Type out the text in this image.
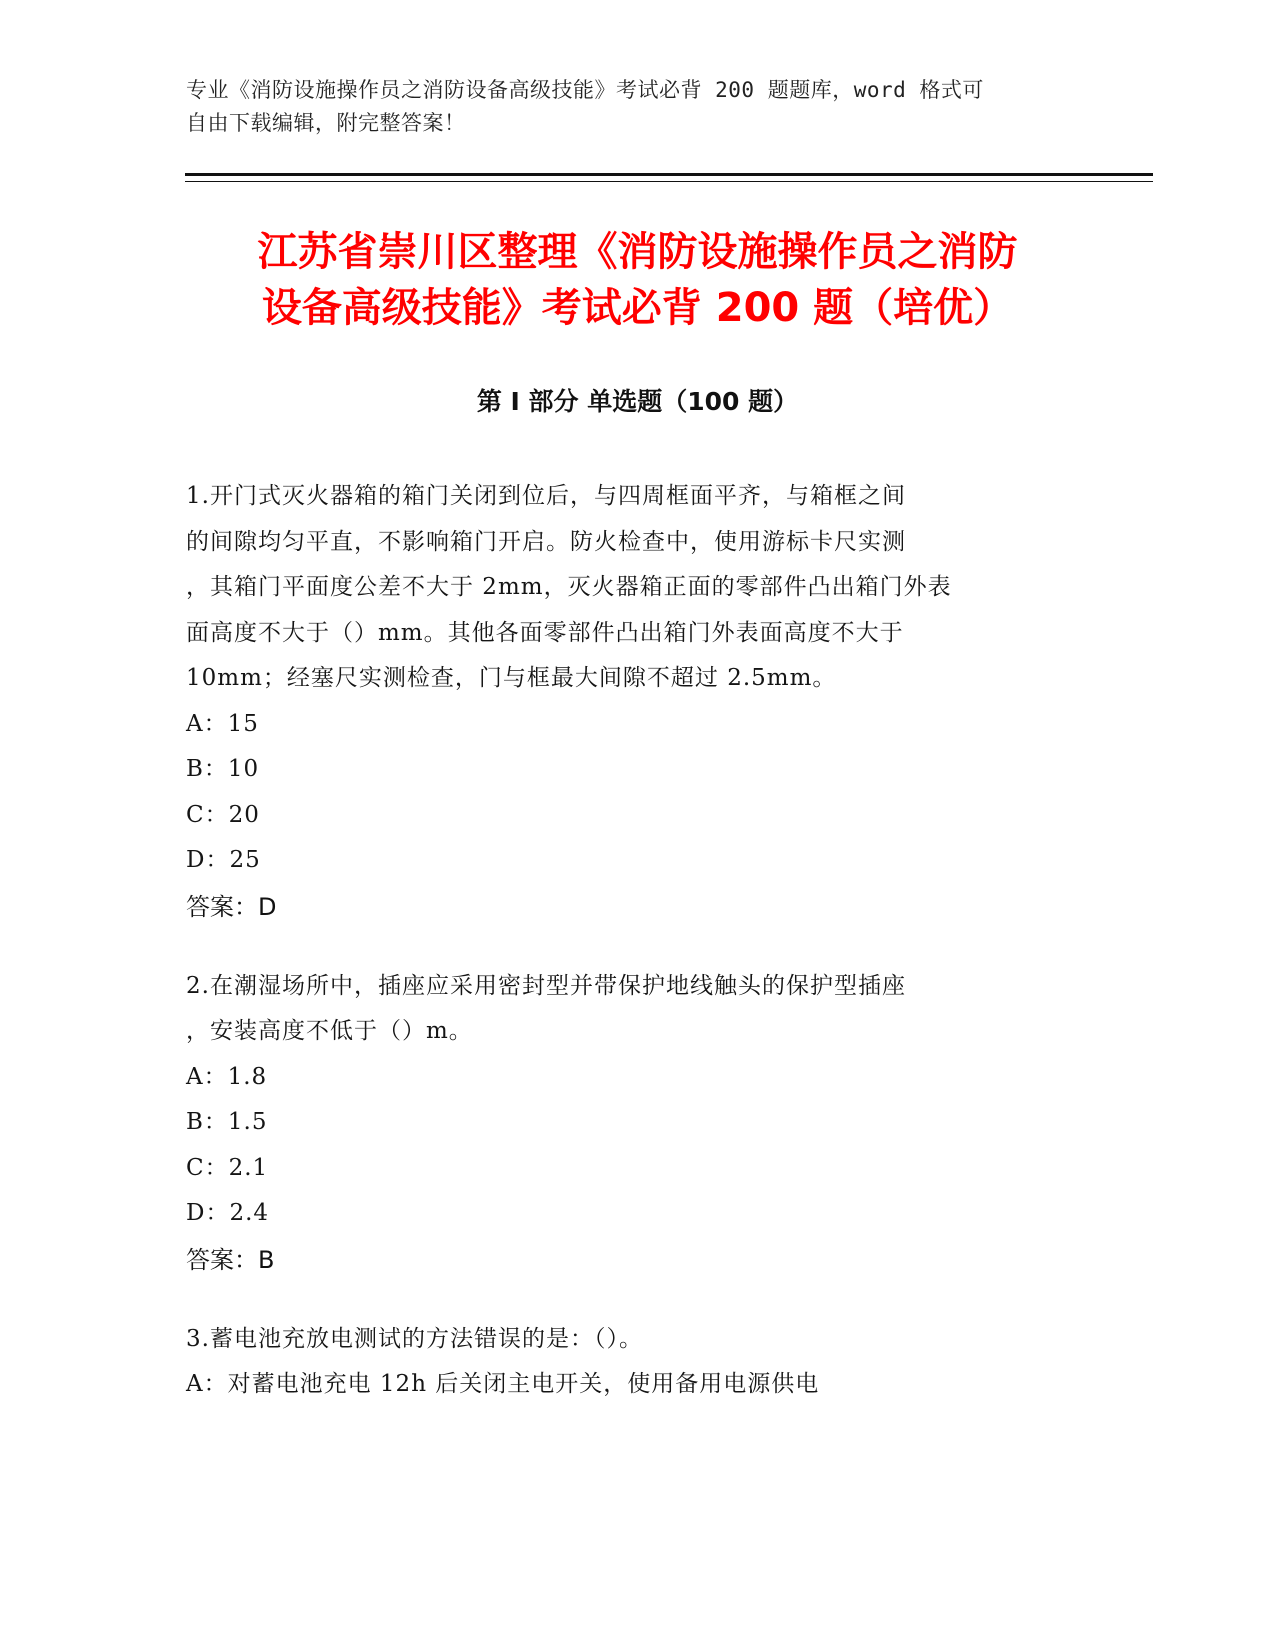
专业《消防设施操作员之消防设备高级技能》考试必背 200 题题库，word 格式可
自由下载编辑，附完整答案！
江苏省崇川区整理《消防设施操作员之消防
设备高级技能》考试必背 200 题（培优）
第 I 部分 单选题（100 题）

1.开门式灭火器箱的箱门关闭到位后，与四周框面平齐，与箱框之间

的间隙均匀平直，不影响箱门开启。防火检查中，使用游标卡尺实测

，其箱门平面度公差不大于 2mm，灭火器箱正面的零部件凸出箱门外表

面高度不大于（）mm。其他各面零部件凸出箱门外表面高度不大于

10mm；经塞尺实测检查，门与框最大间隙不超过 2.5mm。

A：15

B：10

C：20

D：25

答案：D

2.在潮湿场所中，插座应采用密封型并带保护地线触头的保护型插座

，安装高度不低于（）m。

A：1.8

B：1.5

C：2.1

D：2.4

答案：B

3.蓄电池充放电测试的方法错误的是：（）。

A：对蓄电池充电 12h 后关闭主电开关，使用备用电源供电
